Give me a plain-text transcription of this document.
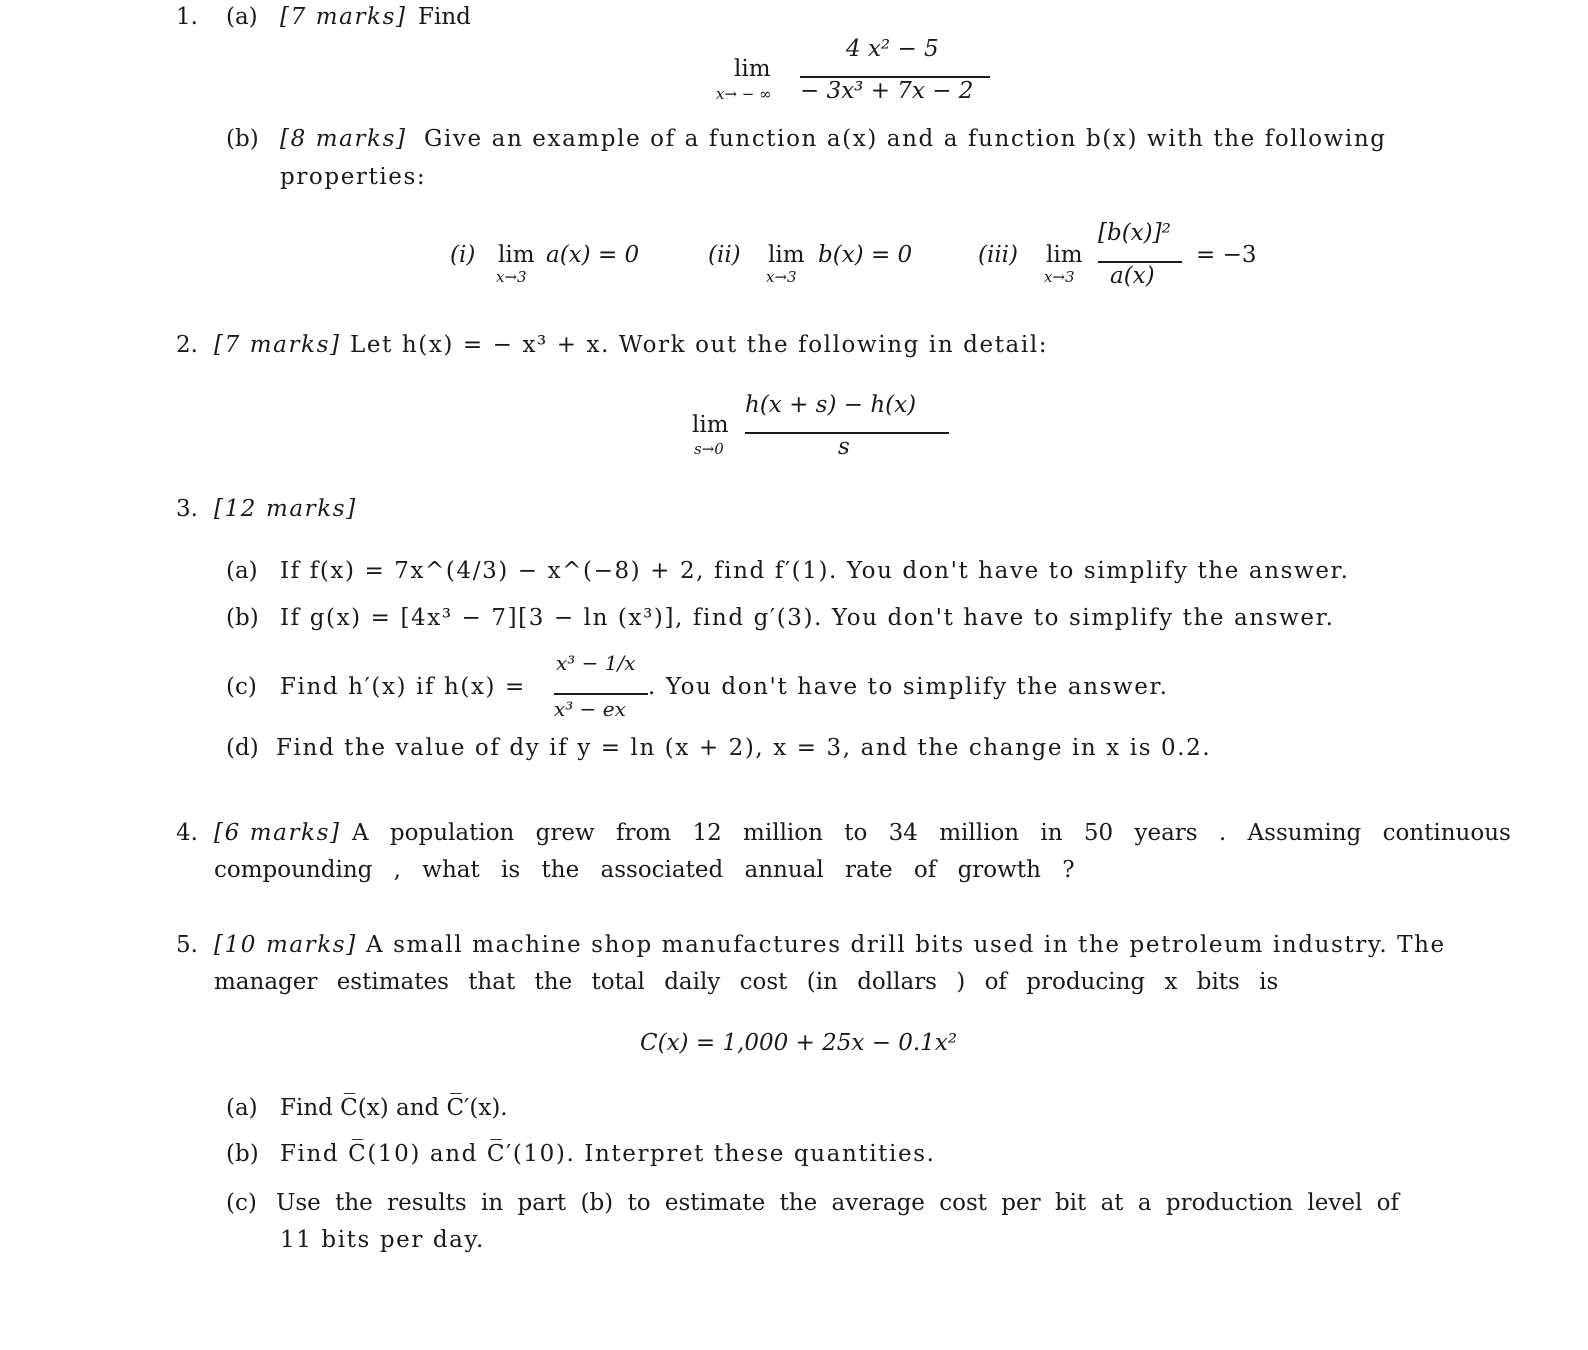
1. (a) [7 marks] Find
lim
x→ − ∞
4 x² − 5
− 3x³ + 7x − 2
(b) [8 marks] Give an example of a function a(x) and a function b(x) with the following
properties:
(i) lim
x→3
a(x) = 0	(ii) lim
x→3
b(x) = 0	(iii) lim
x→3
[b(x)]²
a(x)
= −3
2. [7 marks] Let h(x) = − x³ + x. Work out the following in detail:
lim
s→0
h(x + s) − h(x)
s
3. [12 marks]
(a) If f(x) = 7x^(4/3) − x^(−8) + 2, find f′(1). You don't have to simplify the answer.
(b) If g(x) = [4x³ − 7][3 − ln (x³)], find g′(3). You don't have to simplify the answer.
(c) Find h′(x) if h(x) =
x³ − 1/x
x³ − ex
. You don't have to simplify the answer.
(d) Find the value of dy if y = ln (x + 2), x = 3, and the change in x is 0.2.
4. [6 marks] A population grew from 12 million to 34 million in 50 years . Assuming continuous
compounding , what is the associated annual rate of growth ?
5. [10 marks] A small machine shop manufactures drill bits used in the petroleum industry. The
manager estimates that the total daily cost (in dollars ) of producing x bits is
C(x) = 1,000 + 25x − 0.1x²
(a) Find C̅(x) and C̅′(x).
(b) Find C̅(10) and C̅′(10). Interpret these quantities.
(c) Use the results in part (b) to estimate the average cost per bit at a production level of
11 bits per day.
